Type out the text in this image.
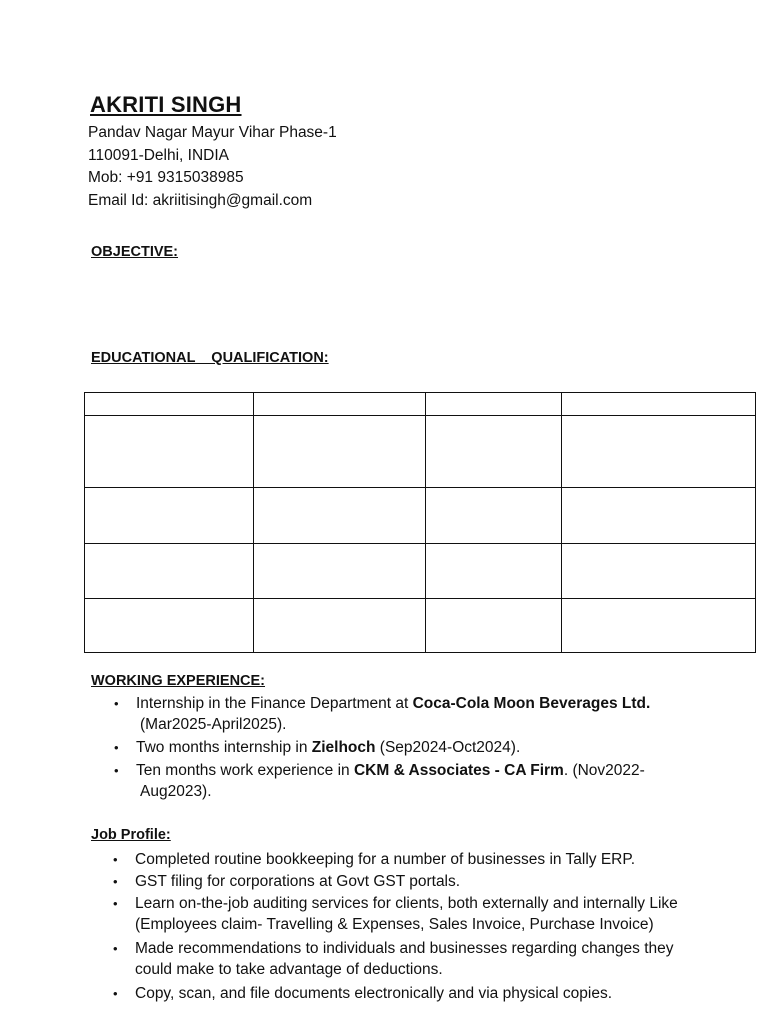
AKRITI SINGH
Pandav Nagar Mayur Vihar Phase-1
110091-Delhi, INDIA
Mob: +91 9315038985
Email Id: akriitisingh@gmail.com
OBJECTIVE:
EDUCATIONAL    QUALIFICATION:

WORKING EXPERIENCE:
• Internship in the Finance Department at Coca-Cola Moon Beverages Ltd.
(Mar2025-April2025).
• Two months internship in Zielhoch (Sep2024-Oct2024).
• Ten months work experience in CKM & Associates - CA Firm. (Nov2022-
Aug2023).
Job Profile:
• Completed routine bookkeeping for a number of businesses in Tally ERP.
• GST filing for corporations at Govt GST portals.
• Learn on-the-job auditing services for clients, both externally and internally Like
(Employees claim- Travelling & Expenses, Sales Invoice, Purchase Invoice)
• Made recommendations to individuals and businesses regarding changes they
could make to take advantage of deductions.
• Copy, scan, and file documents electronically and via physical copies.
